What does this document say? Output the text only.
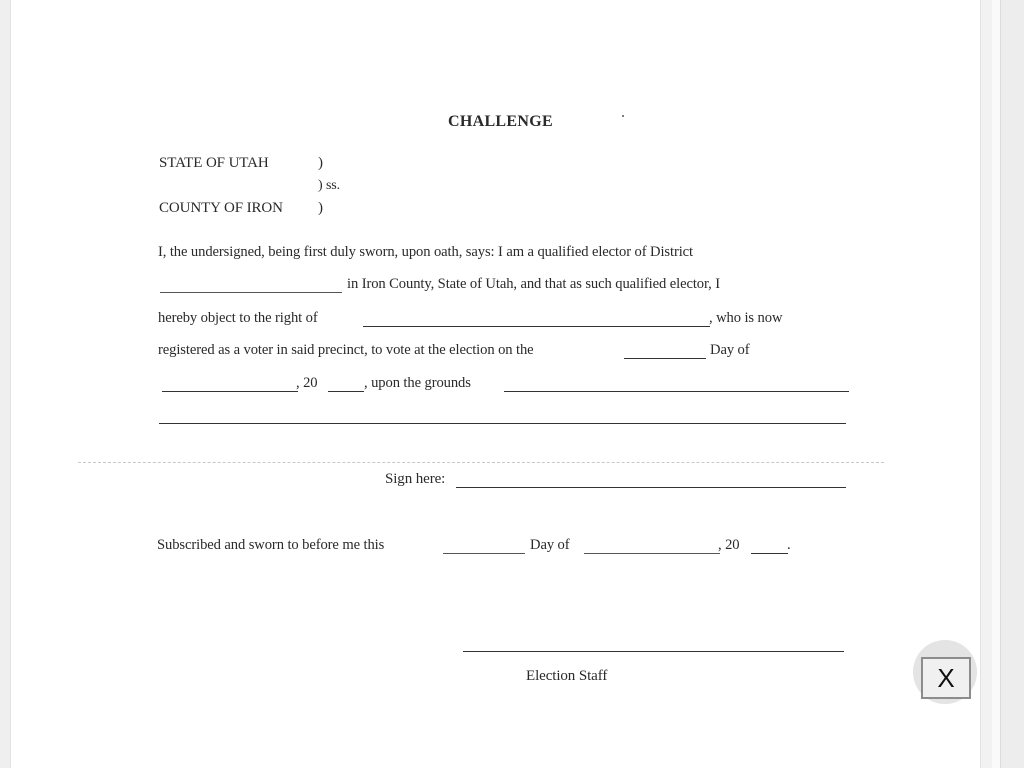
CHALLENGE
STATE OF UTAH	)
) ss.
COUNTY OF IRON )
I, the undersigned, being first duly sworn, upon oath, says: I am a qualified elector of District
in Iron County, State of Utah, and that as such qualified elector, I
hereby object to the right of	, who is now
registered as a voter in said precinct, to vote at the election on the	Day of
, 20	, upon the grounds
Sign here:
Subscribed and sworn to before me this	Day of	, 20	.
Election Staff	X
